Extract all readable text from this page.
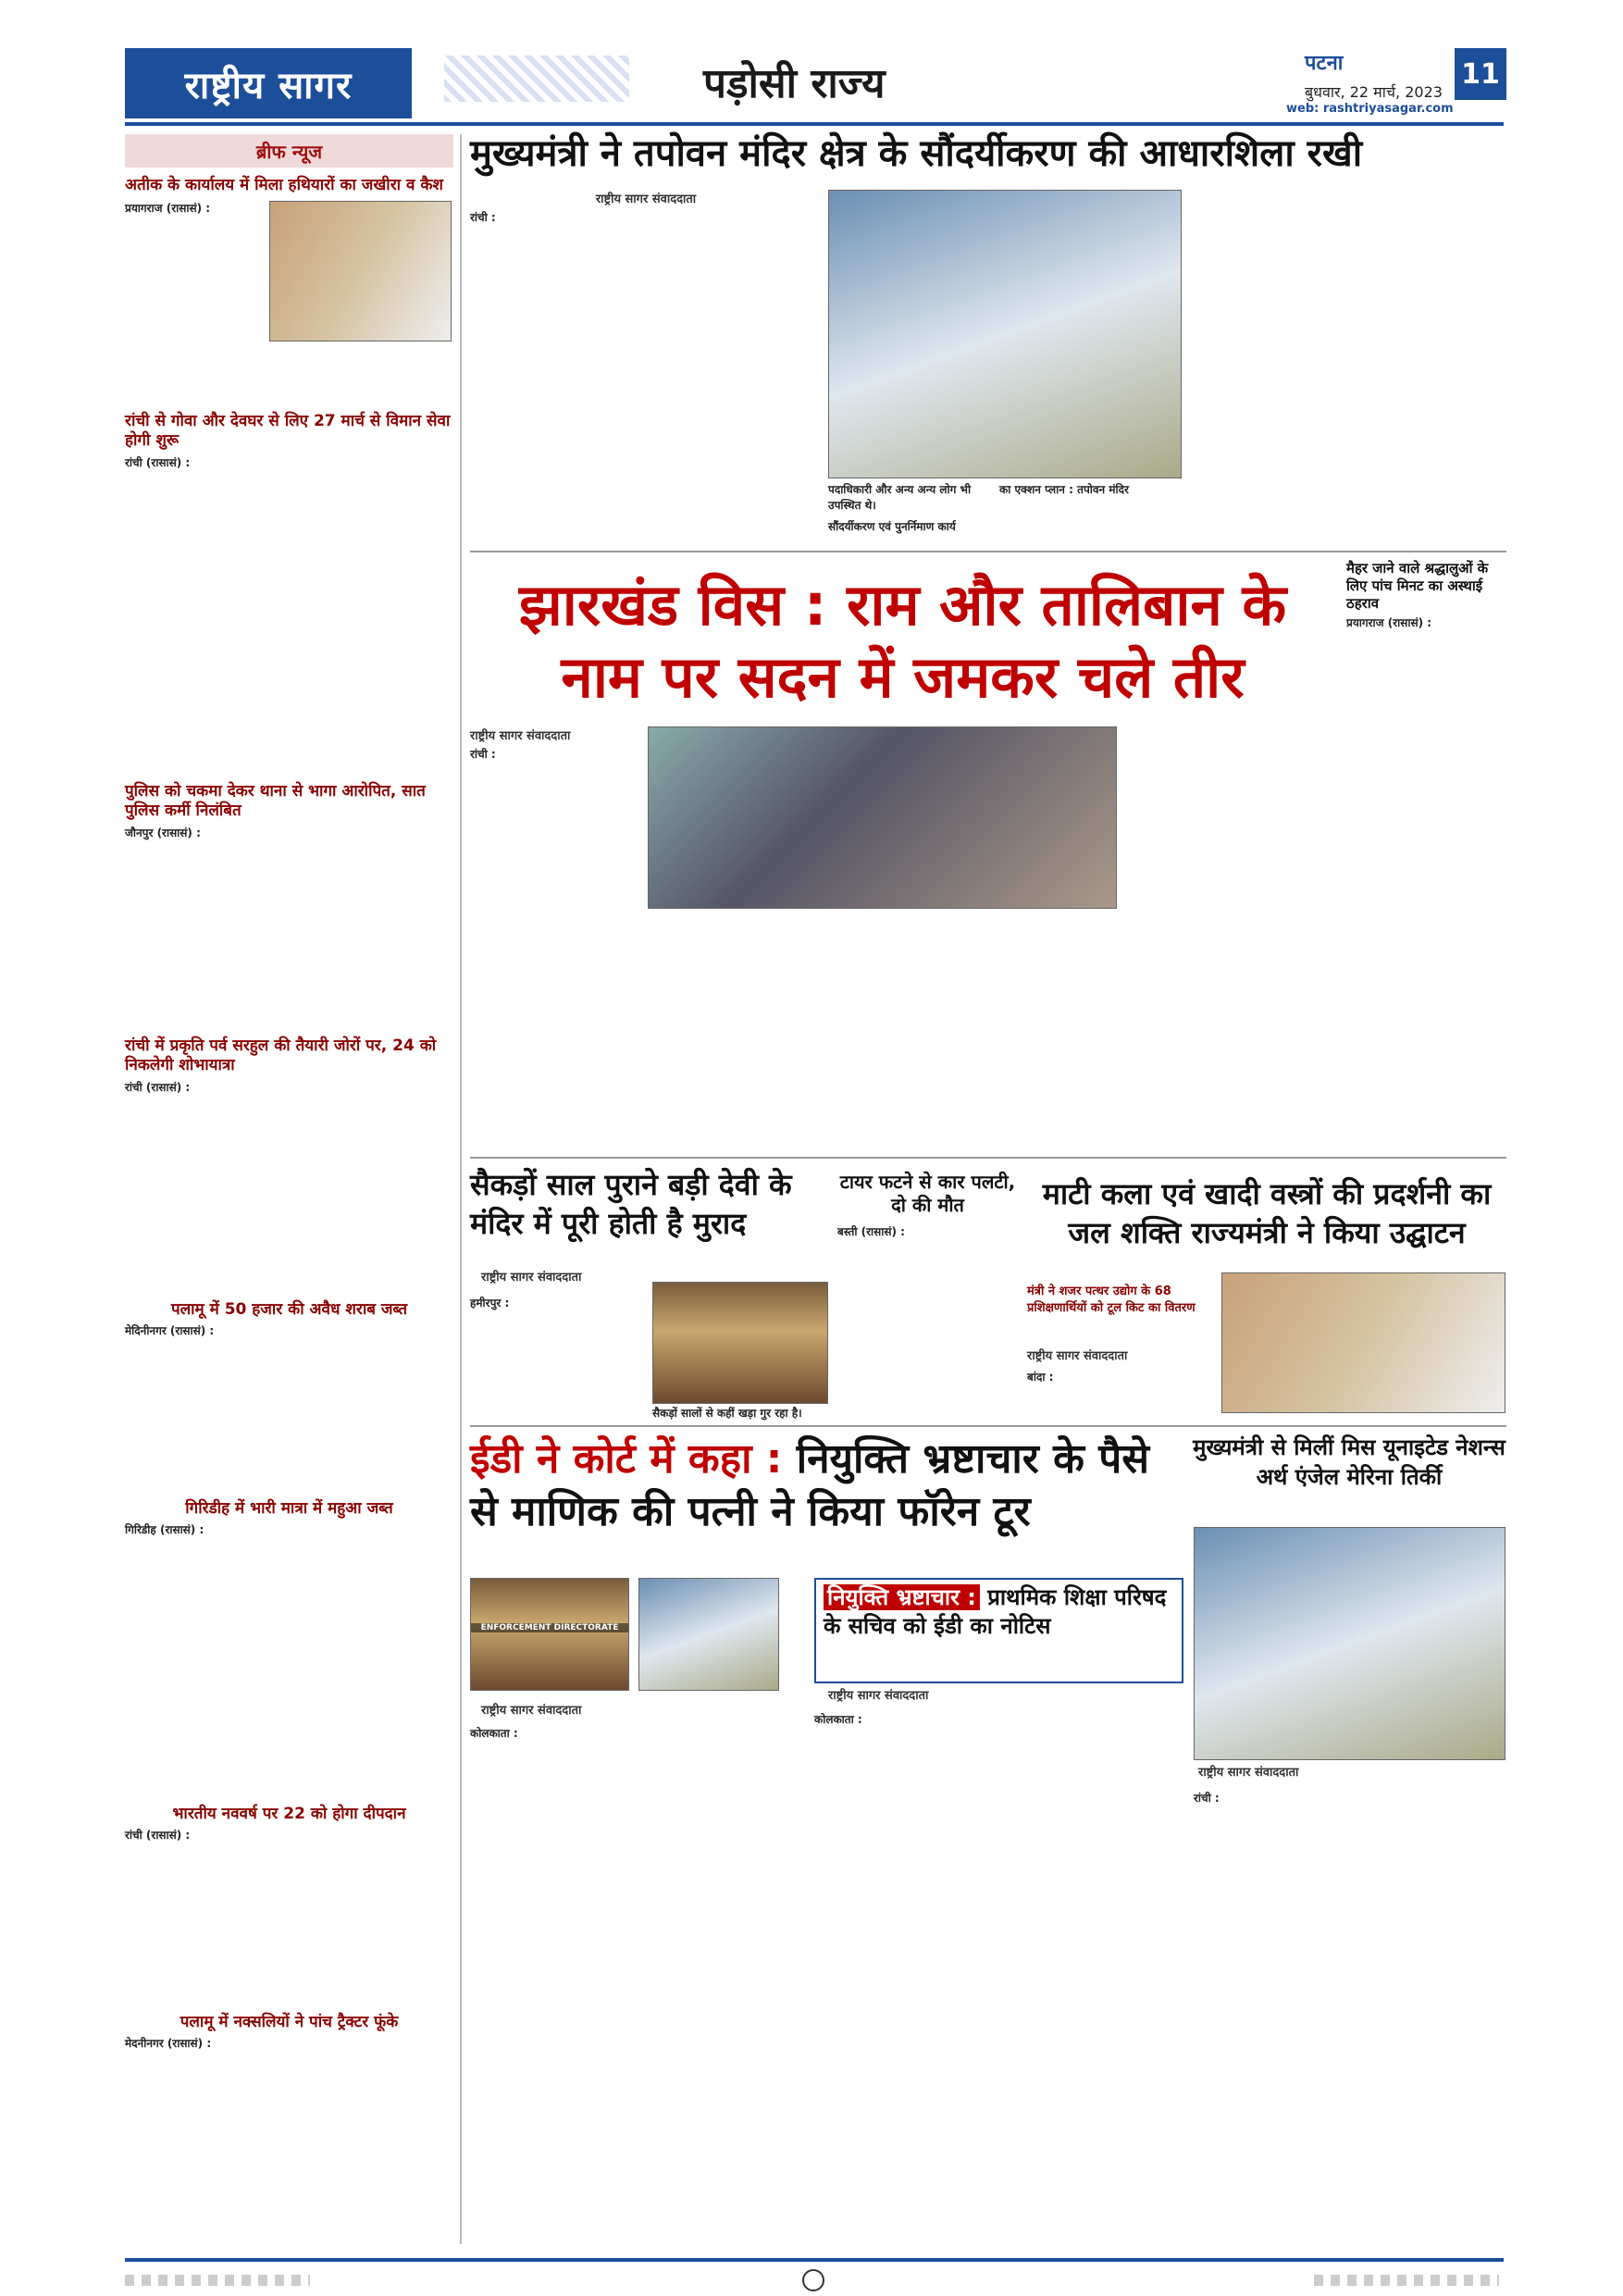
राष्ट्रीय सागर	पड़ोसी राज्य	पटना
बुधवार, 22 मार्च, 2023
11
web: rashtriyasagar.com
ब्रीफ न्यूज
अतीक के कार्यालय में मिला हथियारों का जखीरा व कैश
प्रयागराज (रासासं) :
रांची से गोवा और देवघर से लिए 27 मार्च से विमान सेवा होगी शुरू
रांची (रासासं) :
पुलिस को चकमा देकर थाना से भागा आरोपित, सात पुलिस कर्मी निलंबित
जौनपुर (रासासं) :
रांची में प्रकृति पर्व सरहुल की तैयारी जोरों पर, 24 को निकलेगी शोभायात्रा
रांची (रासासं) :
पलामू में 50 हजार की अवैध शराब जब्त
मेदिनीनगर (रासासं) :
गिरिडीह में भारी मात्रा में महुआ जब्त
गिरिडीह (रासासं) :
भारतीय नववर्ष पर 22 को होगा दीपदान
रांची (रासासं) :
पलामू में नक्सलियों ने पांच ट्रैक्टर फूंके
मेदनीनगर (रासासं) :
मुख्यमंत्री ने तपोवन मंदिर क्षेत्र के सौंदर्यीकरण की आधारशिला रखी
राष्ट्रीय सागर संवाददाता
रांची :
पदाधिकारी और अन्य अन्य लोग भी उपस्थित थे।
का एक्शन प्लान : तपोवन मंदिर
सौंदर्यीकरण एवं पुनर्निमाण कार्य
झारखंड विस : राम और तालिबान के नाम पर सदन में जमकर चले तीर
राष्ट्रीय सागर संवाददाता
रांची :
मैहर जाने वाले श्रद्धालुओं के लिए पांच मिनट का अस्थाई ठहराव
प्रयागराज (रासासं) :
सैकड़ों साल पुराने बड़ी देवी के मंदिर में पूरी होती है मुराद
राष्ट्रीय सागर संवाददाता
हमीरपुर :
सैकड़ों सालों से कहीं खड़ा गुर रहा है।
टायर फटने से कार पलटी, दो की मौत
बस्ती (रासासं) :
माटी कला एवं खादी वस्त्रों की प्रदर्शनी का जल शक्ति राज्यमंत्री ने किया उद्घाटन
मंत्री ने शजर पत्थर उद्योग के 68 प्रशिक्षणार्थियों को टूल किट का वितरण
राष्ट्रीय सागर संवाददाता
बांदा :
ईडी ने कोर्ट में कहा : नियुक्ति भ्रष्टाचार के पैसे से माणिक की पत्नी ने किया फॉरेन टूर
ENFORCEMENT DIRECTORATE
राष्ट्रीय सागर संवाददाता
कोलकाता :
नियुक्ति भ्रष्टाचार : प्राथमिक शिक्षा परिषद के सचिव को ईडी का नोटिस
राष्ट्रीय सागर संवाददाता
कोलकाता :
मुख्यमंत्री से मिलीं मिस यूनाइटेड नेशन्स अर्थ एंजेल मेरिना तिर्की
राष्ट्रीय सागर संवाददाता
रांची :
